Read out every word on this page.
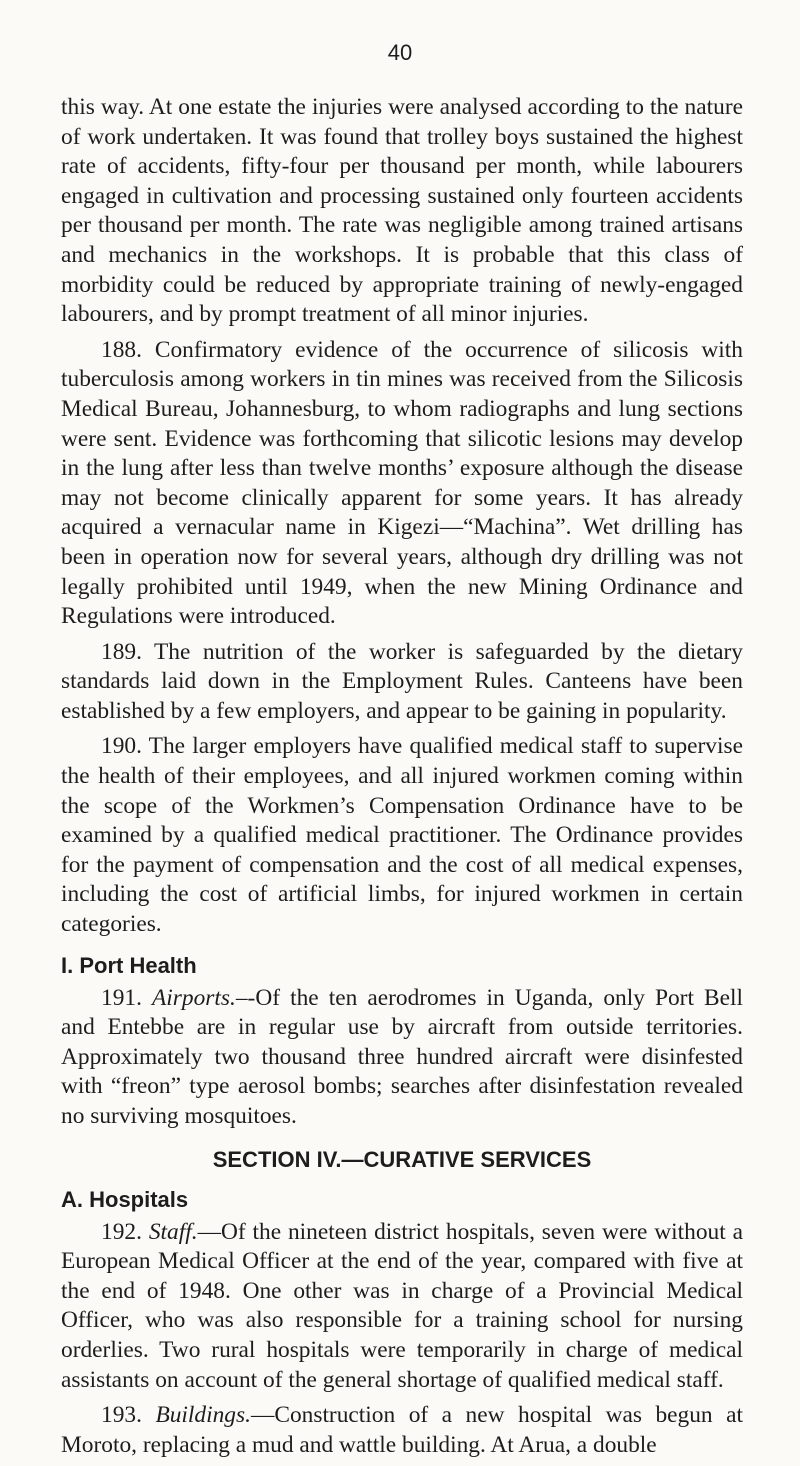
40

this way. At one estate the injuries were analysed according to the nature of work undertaken. It was found that trolley boys sustained the highest rate of accidents, fifty-four per thousand per month, while labourers engaged in cultivation and processing sustained only fourteen accidents per thousand per month. The rate was negligible among trained artisans and mechanics in the workshops. It is probable that this class of morbidity could be reduced by appropriate training of newly-engaged labourers, and by prompt treatment of all minor injuries.

188. Confirmatory evidence of the occurrence of silicosis with tuberculosis among workers in tin mines was received from the Silicosis Medical Bureau, Johannesburg, to whom radiographs and lung sections were sent. Evidence was forthcoming that silicotic lesions may develop in the lung after less than twelve months’ exposure although the disease may not become clinically apparent for some years. It has already acquired a vernacular name in Kigezi—“Machina”. Wet drilling has been in operation now for several years, although dry drilling was not legally prohibited until 1949, when the new Mining Ordinance and Regulations were introduced.

189. The nutrition of the worker is safeguarded by the dietary standards laid down in the Employment Rules. Canteens have been established by a few employers, and appear to be gaining in popularity.

190. The larger employers have qualified medical staff to supervise the health of their employees, and all injured workmen coming within the scope of the Workmen’s Compensation Ordinance have to be examined by a qualified medical practitioner. The Ordinance provides for the payment of compensation and the cost of all medical expenses, including the cost of artificial limbs, for injured workmen in certain categories.

I. Port Health

191. Airports.–-Of the ten aerodromes in Uganda, only Port Bell and Entebbe are in regular use by aircraft from outside territories. Approximately two thousand three hundred aircraft were disinfested with “freon” type aerosol bombs; searches after disinfestation revealed no surviving mosquitoes.

SECTION IV.—CURATIVE SERVICES
A. Hospitals

192. Staff.—Of the nineteen district hospitals, seven were without a European Medical Officer at the end of the year, compared with five at the end of 1948. One other was in charge of a Provincial Medical Officer, who was also responsible for a training school for nursing orderlies. Two rural hospitals were temporarily in charge of medical assistants on account of the general shortage of qualified medical staff.

193. Buildings.—Construction of a new hospital was begun at Moroto, replacing a mud and wattle building. At Arua, a double
